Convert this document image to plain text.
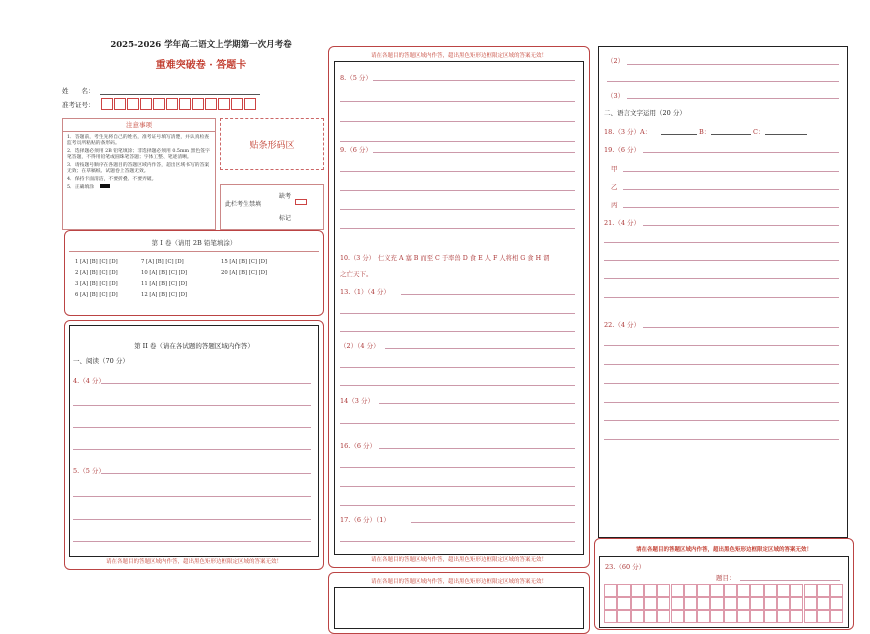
2025-2026 学年高二语文上学期第一次月考卷
重难突破卷 · 答题卡
姓　　名：
准考证号：
注意事项

1．答题前，考生先将自己的姓名，准考证号填写清楚，并认真检查监考员所粘贴的条形码。

2．选择题必须用 2B 铅笔填涂；非选择题必须用 0.5mm 黑色签字笔答题，不得用铅笔或圆珠笔答题；字体工整、笔迹清晰。

3．请按题号顺序在各题目的答题区域内作答，超出区域书写的答案无效；在草稿纸、试题卷上答题无效。

4．保持卡面清洁，不要折叠、不要弄破。

5．正确填涂

贴条形码区
此栏考生禁填
缺考
标记
第 I 卷（请用 2B 铅笔填涂）
1 [A] [B] [C] [D]
2 [A] [B] [C] [D]
3 [A] [B] [C] [D]
6 [A] [B] [C] [D]
7 [A] [B] [C] [D]
10 [A] [B] [C] [D]
11 [A] [B] [C] [D]
12 [A] [B] [C] [D]
15 [A] [B] [C] [D]
20 [A] [B] [C] [D]
第 II 卷（请在各试题的答题区域内作答）
一、阅读（70 分）
4.（4 分）
5.（5 分）
请在各题目的答题区域内作答，超出黑色矩形边框限定区域的答案无效！
请在各题目的答题区域内作答，超出黑色矩形边框限定区域的答案无效！
8.（5 分）
9.（6 分）
10.（3 分）　仁义充 A 塞 B 而至 C 于率兽 D 食 E 人 F 人将相 G 食 H 谓
之亡天下。
13.（1）（4 分）
（2）（4 分）
14（3 分）
16.（6 分）
17.（6 分）（1）
请在各题目的答题区域内作答，超出黑色矩形边框限定区域的答案无效！
请在各题目的答题区域内作答，超出黑色矩形边框限定区域的答案无效！
（2）
（3）
二、语言文字运用（20 分）
18.（3 分）A：	B：	C：
19.（6 分）
甲
乙
丙
21.（4 分）
22.（4 分）
请在各题目的答题区域内作答，超出黑色矩形边框限定区域的答案无效！
23.（60 分）
题目：
